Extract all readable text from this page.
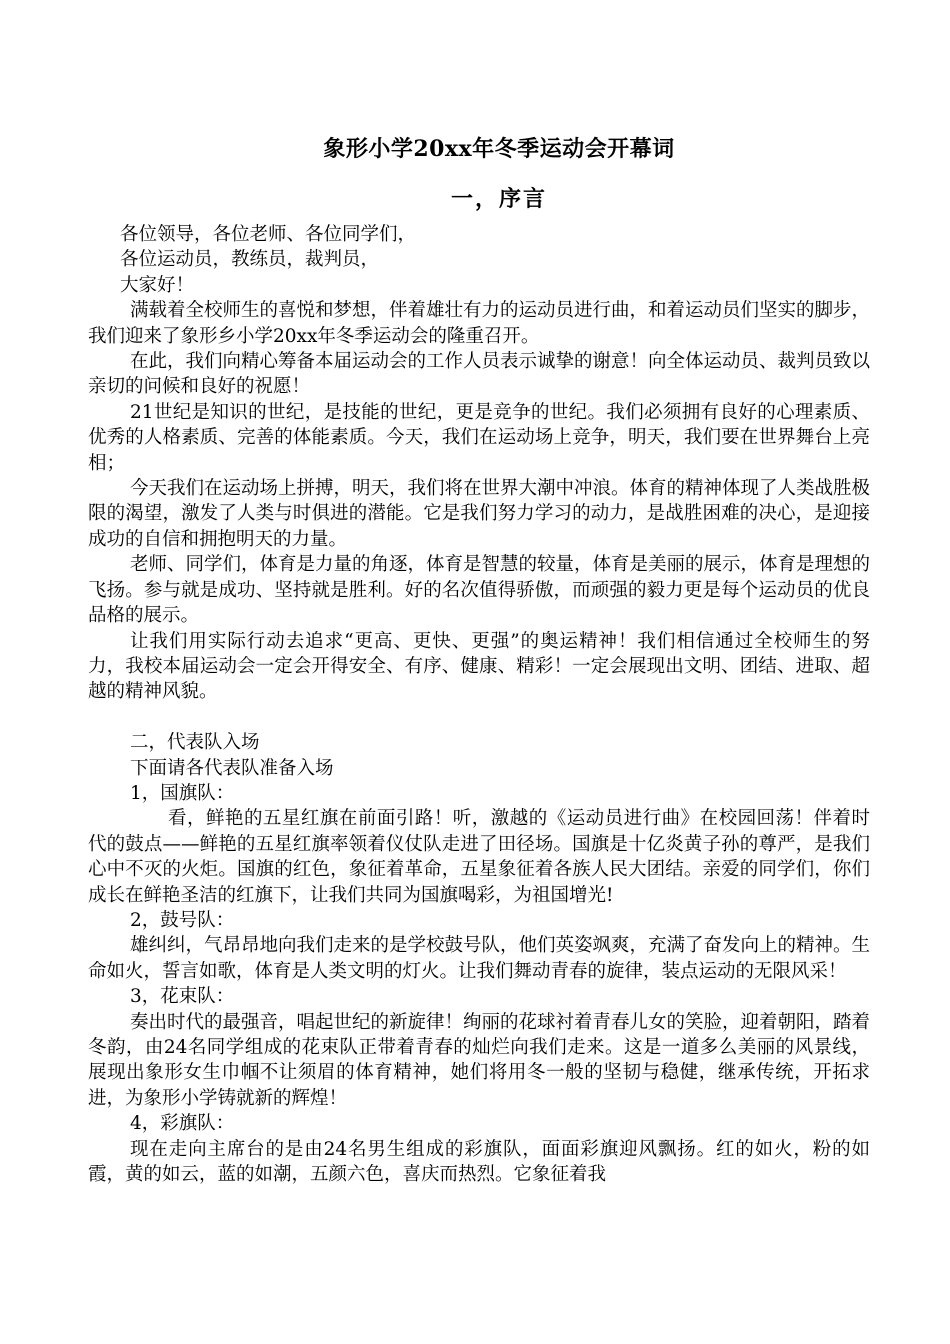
象形小学20xx年冬季运动会开幕词
一，序言

各位领导，各位老师、各位同学们，

各位运动员，教练员，裁判员，

大家好！

满载着全校师生的喜悦和梦想，伴着雄壮有力的运动员进行曲，和着运动员们坚实的脚步，我们迎来了象形乡小学20xx年冬季运动会的隆重召开。

在此，我们向精心筹备本届运动会的工作人员表示诚挚的谢意！向全体运动员、裁判员致以亲切的问候和良好的祝愿！

21世纪是知识的世纪，是技能的世纪，更是竞争的世纪。我们必须拥有良好的心理素质、优秀的人格素质、完善的体能素质。今天，我们在运动场上竞争，明天，我们要在世界舞台上亮相；

今天我们在运动场上拼搏，明天，我们将在世界大潮中冲浪。体育的精神体现了人类战胜极限的渴望，激发了人类与时俱进的潜能。它是我们努力学习的动力，是战胜困难的决心，是迎接成功的自信和拥抱明天的力量。

老师、同学们，体育是力量的角逐，体育是智慧的较量，体育是美丽的展示，体育是理想的飞扬。参与就是成功、坚持就是胜利。好的名次值得骄傲，而顽强的毅力更是每个运动员的优良品格的展示。

让我们用实际行动去追求“更高、更快、更强”的奥运精神！我们相信通过全校师生的努力，我校本届运动会一定会开得安全、有序、健康、精彩！一定会展现出文明、团结、进取、超越的精神风貌。

二，代表队入场

下面请各代表队准备入场

1，国旗队：

看，鲜艳的五星红旗在前面引路！听，激越的《运动员进行曲》在校园回荡！伴着时代的鼓点——鲜艳的五星红旗率领着仪仗队走进了田径场。国旗是十亿炎黄子孙的尊严，是我们心中不灭的火炬。国旗的红色，象征着革命，五星象征着各族人民大团结。亲爱的同学们，你们成长在鲜艳圣洁的红旗下，让我们共同为国旗喝彩，为祖国增光!

2，鼓号队：

雄纠纠，气昂昂地向我们走来的是学校鼓号队，他们英姿飒爽，充满了奋发向上的精神。生命如火，誓言如歌，体育是人类文明的灯火。让我们舞动青春的旋律，装点运动的无限风采！

3，花束队：

奏出时代的最强音，唱起世纪的新旋律！绚丽的花球衬着青春儿女的笑脸，迎着朝阳，踏着冬韵，由24名同学组成的花束队正带着青春的灿烂向我们走来。这是一道多么美丽的风景线，展现出象形女生巾帼不让须眉的体育精神，她们将用冬一般的坚韧与稳健，继承传统，开拓求进，为象形小学铸就新的辉煌！

4，彩旗队：

现在走向主席台的是由24名男生组成的彩旗队，面面彩旗迎风飘扬。红的如火，粉的如霞，黄的如云，蓝的如潮，五颜六色，喜庆而热烈。它象征着我
